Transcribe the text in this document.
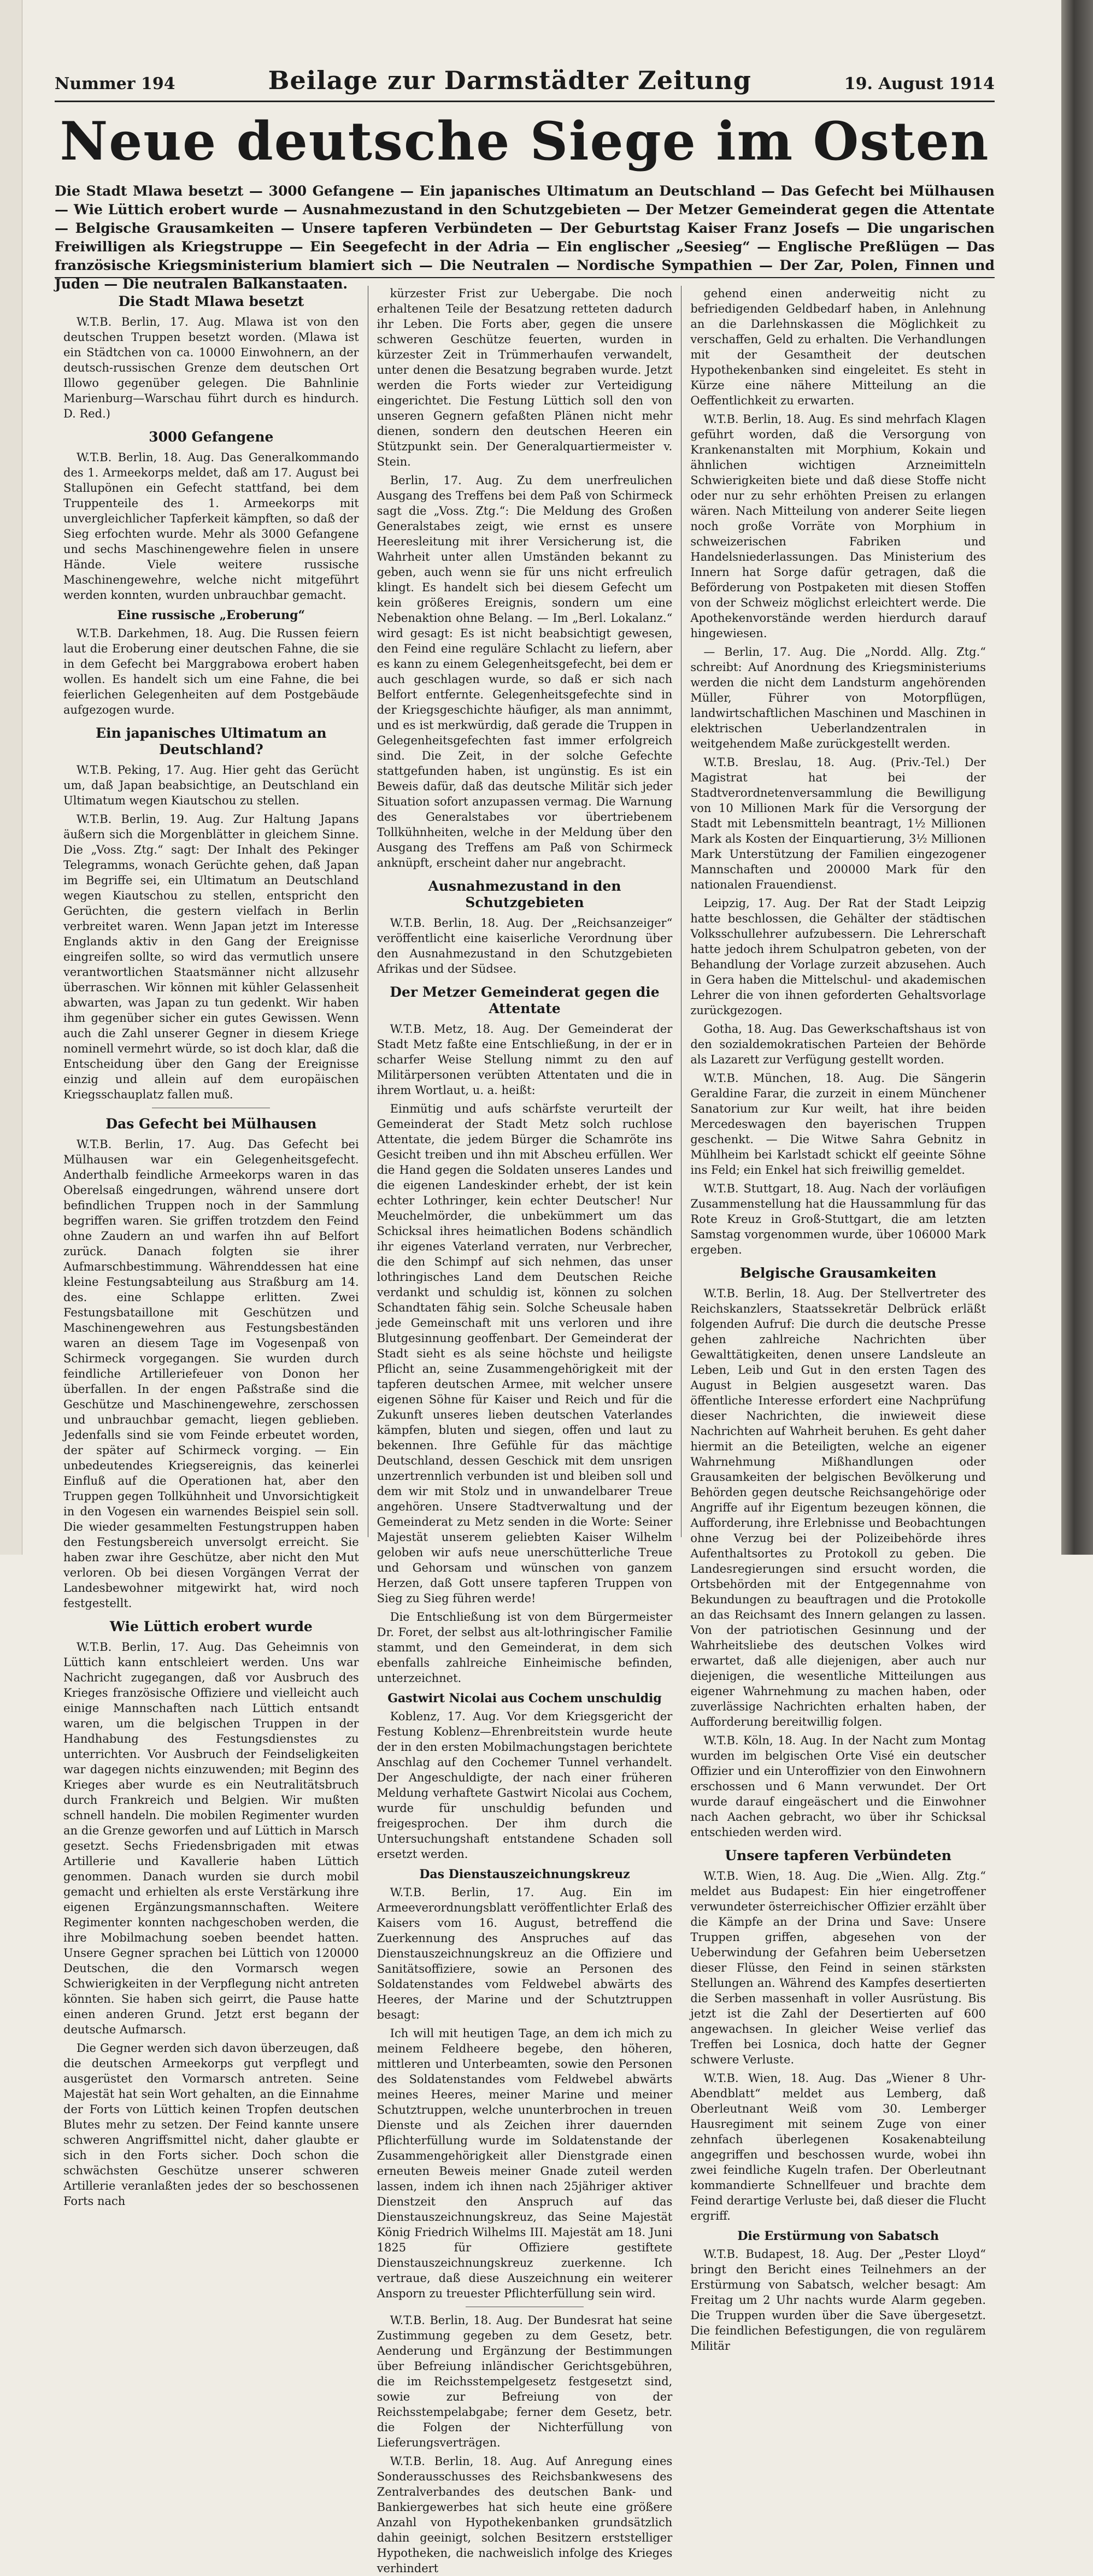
Nummer 194	Beilage zur Darmstädter Zeitung	19. August 1914
Neue deutsche Siege im Osten
Die Stadt Mlawa besetzt — 3000 Gefangene — Ein japanisches Ultimatum an Deutschland — Das Gefecht bei Mülhausen — Wie Lüttich erobert wurde — Ausnahmezustand in den Schutzgebieten — Der Metzer Gemeinderat gegen die Attentate — Belgische Grausamkeiten — Unsere tapferen Verbündeten — Der Geburtstag Kaiser Franz Josefs — Die ungarischen Freiwilligen als Kriegstruppe — Ein Seegefecht in der Adria — Ein englischer „Seesieg“ — Englische Preßlügen — Das französische Kriegsministerium blamiert sich — Die Neutralen — Nordische Sympathien — Der Zar, Polen, Finnen und Juden — Die neutralen Balkanstaaten.
Die Stadt Mlawa besetzt

W.T.B. Berlin, 17. Aug. Mlawa ist von den deutschen Truppen besetzt worden. (Mlawa ist ein Städtchen von ca. 10000 Einwohnern, an der deutsch-russischen Grenze dem deutschen Ort Illowo gegenüber gelegen. Die Bahnlinie Marienburg—Warschau führt durch es hindurch. D. Red.)

3000 Gefangene

W.T.B. Berlin, 18. Aug. Das Generalkommando des 1. Armeekorps meldet, daß am 17. August bei Stallupönen ein Gefecht stattfand, bei dem Truppenteile des 1. Armeekorps mit unvergleichlicher Tapferkeit kämpften, so daß der Sieg erfochten wurde. Mehr als 3000 Gefangene und sechs Maschinengewehre fielen in unsere Hände. Viele weitere russische Maschinengewehre, welche nicht mitgeführt werden konnten, wurden unbrauchbar gemacht.

Eine russische „Eroberung“

W.T.B. Darkehmen, 18. Aug. Die Russen feiern laut die Eroberung einer deutschen Fahne, die sie in dem Gefecht bei Marggrabowa erobert haben wollen. Es handelt sich um eine Fahne, die bei feierlichen Gelegenheiten auf dem Postgebäude aufgezogen wurde.

Ein japanisches Ultimatum an Deutschland?

W.T.B. Peking, 17. Aug. Hier geht das Gerücht um, daß Japan beabsichtige, an Deutschland ein Ultimatum wegen Kiautschou zu stellen.

W.T.B. Berlin, 19. Aug. Zur Haltung Japans äußern sich die Morgenblätter in gleichem Sinne. Die „Voss. Ztg.“ sagt: Der Inhalt des Pekinger Telegramms, wonach Gerüchte gehen, daß Japan im Begriffe sei, ein Ultimatum an Deutschland wegen Kiautschou zu stellen, entspricht den Gerüchten, die gestern vielfach in Berlin verbreitet waren. Wenn Japan jetzt im Interesse Englands aktiv in den Gang der Ereignisse eingreifen sollte, so wird das vermutlich unsere verantwortlichen Staatsmänner nicht allzusehr überraschen. Wir können mit kühler Gelassenheit abwarten, was Japan zu tun gedenkt. Wir haben ihm gegenüber sicher ein gutes Gewissen. Wenn auch die Zahl unserer Gegner in diesem Kriege nominell vermehrt würde, so ist doch klar, daß die Entscheidung über den Gang der Ereignisse einzig und allein auf dem europäischen Kriegsschauplatz fallen muß.

Das Gefecht bei Mülhausen

W.T.B. Berlin, 17. Aug. Das Gefecht bei Mülhausen war ein Gelegenheitsgefecht. Anderthalb feindliche Armeekorps waren in das Oberelsaß eingedrungen, während unsere dort befindlichen Truppen noch in der Sammlung begriffen waren. Sie griffen trotzdem den Feind ohne Zaudern an und warfen ihn auf Belfort zurück. Danach folgten sie ihrer Aufmarschbestimmung. Währenddessen hat eine kleine Festungsabteilung aus Straßburg am 14. des. eine Schlappe erlitten. Zwei Festungsbataillone mit Geschützen und Maschinengewehren aus Festungsbeständen waren an diesem Tage im Vogesenpaß von Schirmeck vorgegangen. Sie wurden durch feindliche Artilleriefeuer von Donon her überfallen. In der engen Paßstraße sind die Geschütze und Maschinengewehre, zerschossen und unbrauchbar gemacht, liegen geblieben. Jedenfalls sind sie vom Feinde erbeutet worden, der später auf Schirmeck vorging. — Ein unbedeutendes Kriegsereignis, das keinerlei Einfluß auf die Operationen hat, aber den Truppen gegen Tollkühnheit und Unvorsichtigkeit in den Vogesen ein warnendes Beispiel sein soll. Die wieder gesammelten Festungstruppen haben den Festungsbereich unversolgt erreicht. Sie haben zwar ihre Geschütze, aber nicht den Mut verloren. Ob bei diesen Vorgängen Verrat der Landesbewohner mitgewirkt hat, wird noch festgestellt.

Wie Lüttich erobert wurde

W.T.B. Berlin, 17. Aug. Das Geheimnis von Lüttich kann entschleiert werden. Uns war Nachricht zugegangen, daß vor Ausbruch des Krieges französische Offiziere und vielleicht auch einige Mannschaften nach Lüttich entsandt waren, um die belgischen Truppen in der Handhabung des Festungsdienstes zu unterrichten. Vor Ausbruch der Feindseligkeiten war dagegen nichts einzuwenden; mit Beginn des Krieges aber wurde es ein Neutralitätsbruch durch Frankreich und Belgien. Wir mußten schnell handeln. Die mobilen Regimenter wurden an die Grenze geworfen und auf Lüttich in Marsch gesetzt. Sechs Friedensbrigaden mit etwas Artillerie und Kavallerie haben Lüttich genommen. Danach wurden sie durch mobil gemacht und erhielten als erste Verstärkung ihre eigenen Ergänzungsmannschaften. Weitere Regimenter konnten nachgeschoben werden, die ihre Mobilmachung soeben beendet hatten. Unsere Gegner sprachen bei Lüttich von 120000 Deutschen, die den Vormarsch wegen Schwierigkeiten in der Verpflegung nicht antreten könnten. Sie haben sich geirrt, die Pause hatte einen anderen Grund. Jetzt erst begann der deutsche Aufmarsch.

Die Gegner werden sich davon überzeugen, daß die deutschen Armeekorps gut verpflegt und ausgerüstet den Vormarsch antreten. Seine Majestät hat sein Wort gehalten, an die Einnahme der Forts von Lüttich keinen Tropfen deutschen Blutes mehr zu setzen. Der Feind kannte unsere schweren Angriffsmittel nicht, daher glaubte er sich in den Forts sicher. Doch schon die schwächsten Geschütze unserer schweren Artillerie veranlaßten jedes der so beschossenen Forts nach

kürzester Frist zur Uebergabe. Die noch erhaltenen Teile der Besatzung retteten dadurch ihr Leben. Die Forts aber, gegen die unsere schweren Geschütze feuerten, wurden in kürzester Zeit in Trümmerhaufen verwandelt, unter denen die Besatzung begraben wurde. Jetzt werden die Forts wieder zur Verteidigung eingerichtet. Die Festung Lüttich soll den von unseren Gegnern gefaßten Plänen nicht mehr dienen, sondern den deutschen Heeren ein Stützpunkt sein. Der Generalquartiermeister v. Stein.

Berlin, 17. Aug. Zu dem unerfreulichen Ausgang des Treffens bei dem Paß von Schirmeck sagt die „Voss. Ztg.“: Die Meldung des Großen Generalstabes zeigt, wie ernst es unsere Heeresleitung mit ihrer Versicherung ist, die Wahrheit unter allen Umständen bekannt zu geben, auch wenn sie für uns nicht erfreulich klingt. Es handelt sich bei diesem Gefecht um kein größeres Ereignis, sondern um eine Nebenaktion ohne Belang. — Im „Berl. Lokalanz.“ wird gesagt: Es ist nicht beabsichtigt gewesen, den Feind eine reguläre Schlacht zu liefern, aber es kann zu einem Gelegenheitsgefecht, bei dem er auch geschlagen wurde, so daß er sich nach Belfort entfernte. Gelegenheitsgefechte sind in der Kriegsgeschichte häufiger, als man annimmt, und es ist merkwürdig, daß gerade die Truppen in Gelegenheitsgefechten fast immer erfolgreich sind. Die Zeit, in der solche Gefechte stattgefunden haben, ist ungünstig. Es ist ein Beweis dafür, daß das deutsche Militär sich jeder Situation sofort anzupassen vermag. Die Warnung des Generalstabes vor übertriebenem Tollkühnheiten, welche in der Meldung über den Ausgang des Treffens am Paß von Schirmeck anknüpft, erscheint daher nur angebracht.

Ausnahmezustand in den Schutzgebieten

W.T.B. Berlin, 18. Aug. Der „Reichsanzeiger“ veröffentlicht eine kaiserliche Verordnung über den Ausnahmezustand in den Schutzgebieten Afrikas und der Südsee.

Der Metzer Gemeinderat gegen die Attentate

W.T.B. Metz, 18. Aug. Der Gemeinderat der Stadt Metz faßte eine Entschließung, in der er in scharfer Weise Stellung nimmt zu den auf Militärpersonen verübten Attentaten und die in ihrem Wortlaut, u. a. heißt:

Einmütig und aufs schärfste verurteilt der Gemeinderat der Stadt Metz solch ruchlose Attentate, die jedem Bürger die Schamröte ins Gesicht treiben und ihn mit Abscheu erfüllen. Wer die Hand gegen die Soldaten unseres Landes und die eigenen Landeskinder erhebt, der ist kein echter Lothringer, kein echter Deutscher! Nur Meuchelmörder, die unbekümmert um das Schicksal ihres heimatlichen Bodens schändlich ihr eigenes Vaterland verraten, nur Verbrecher, die den Schimpf auf sich nehmen, das unser lothringisches Land dem Deutschen Reiche verdankt und schuldig ist, können zu solchen Schandtaten fähig sein. Solche Scheusale haben jede Gemeinschaft mit uns verloren und ihre Blutgesinnung geoffenbart. Der Gemeinderat der Stadt sieht es als seine höchste und heiligste Pflicht an, seine Zusammengehörigkeit mit der tapferen deutschen Armee, mit welcher unsere eigenen Söhne für Kaiser und Reich und für die Zukunft unseres lieben deutschen Vaterlandes kämpfen, bluten und siegen, offen und laut zu bekennen. Ihre Gefühle für das mächtige Deutschland, dessen Geschick mit dem unsrigen unzertrennlich verbunden ist und bleiben soll und dem wir mit Stolz und in unwandelbarer Treue angehören. Unsere Stadtverwaltung und der Gemeinderat zu Metz senden in die Worte: Seiner Majestät unserem geliebten Kaiser Wilhelm geloben wir aufs neue unerschütterliche Treue und Gehorsam und wünschen von ganzem Herzen, daß Gott unsere tapferen Truppen von Sieg zu Sieg führen werde!

Die Entschließung ist von dem Bürgermeister Dr. Foret, der selbst aus alt-lothringischer Familie stammt, und den Gemeinderat, in dem sich ebenfalls zahlreiche Einheimische befinden, unterzeichnet.

Gastwirt Nicolai aus Cochem unschuldig

Koblenz, 17. Aug. Vor dem Kriegsgericht der Festung Koblenz—Ehrenbreitstein wurde heute der in den ersten Mobilmachungstagen berichtete Anschlag auf den Cochemer Tunnel verhandelt. Der Angeschuldigte, der nach einer früheren Meldung verhaftete Gastwirt Nicolai aus Cochem, wurde für unschuldig befunden und freigesprochen. Der ihm durch die Untersuchungshaft entstandene Schaden soll ersetzt werden.

Das Dienstauszeichnungskreuz

W.T.B. Berlin, 17. Aug. Ein im Armeeverordnungsblatt veröffentlichter Erlaß des Kaisers vom 16. August, betreffend die Zuerkennung des Anspruches auf das Dienstauszeichnungskreuz an die Offiziere und Sanitätsoffiziere, sowie an Personen des Soldatenstandes vom Feldwebel abwärts des Heeres, der Marine und der Schutztruppen besagt:

Ich will mit heutigen Tage, an dem ich mich zu meinem Feldheere begebe, den höheren, mittleren und Unterbeamten, sowie den Personen des Soldatenstandes vom Feldwebel abwärts meines Heeres, meiner Marine und meiner Schutztruppen, welche ununterbrochen in treuen Dienste und als Zeichen ihrer dauernden Pflichterfüllung wurde im Soldatenstande der Zusammengehörigkeit aller Dienstgrade einen erneuten Beweis meiner Gnade zuteil werden lassen, indem ich ihnen nach 25jähriger aktiver Dienstzeit den Anspruch auf das Dienstauszeichnungskreuz, das Seine Majestät König Friedrich Wilhelms III. Majestät am 18. Juni 1825 für Offiziere gestiftete Dienstauszeichnungskreuz zuerkenne. Ich vertraue, daß diese Auszeichnung ein weiterer Ansporn zu treuester Pflichterfüllung sein wird.

W.T.B. Berlin, 18. Aug. Der Bundesrat hat seine Zustimmung gegeben zu dem Gesetz, betr. Aenderung und Ergänzung der Bestimmungen über Befreiung inländischer Gerichtsgebühren, die im Reichsstempelgesetz festgesetzt sind, sowie zur Befreiung von der Reichsstempelabgabe; ferner dem Gesetz, betr. die Folgen der Nichterfüllung von Lieferungsverträgen.

W.T.B. Berlin, 18. Aug. Auf Anregung eines Sonderausschusses des Reichsbankwesens des Zentralverbandes des deutschen Bank- und Bankiergewerbes hat sich heute eine größere Anzahl von Hypothekenbanken grundsätzlich dahin geeinigt, solchen Besitzern erststelliger Hypotheken, die nachweislich infolge des Krieges verhindert

gehend einen anderweitig nicht zu befriedigenden Geldbedarf haben, in Anlehnung an die Darlehnskassen die Möglichkeit zu verschaffen, Geld zu erhalten. Die Verhandlungen mit der Gesamtheit der deutschen Hypothekenbanken sind eingeleitet. Es steht in Kürze eine nähere Mitteilung an die Oeffentlichkeit zu erwarten.

W.T.B. Berlin, 18. Aug. Es sind mehrfach Klagen geführt worden, daß die Versorgung von Krankenanstalten mit Morphium, Kokain und ähnlichen wichtigen Arzneimitteln Schwierigkeiten biete und daß diese Stoffe nicht oder nur zu sehr erhöhten Preisen zu erlangen wären. Nach Mitteilung von anderer Seite liegen noch große Vorräte von Morphium in schweizerischen Fabriken und Handelsniederlassungen. Das Ministerium des Innern hat Sorge dafür getragen, daß die Beförderung von Postpaketen mit diesen Stoffen von der Schweiz möglichst erleichtert werde. Die Apothekenvorstände werden hierdurch darauf hingewiesen.

— Berlin, 17. Aug. Die „Nordd. Allg. Ztg.“ schreibt: Auf Anordnung des Kriegsministeriums werden die nicht dem Landsturm angehörenden Müller, Führer von Motorpflügen, landwirtschaftlichen Maschinen und Maschinen in elektrischen Ueberlandzentralen in weitgehendem Maße zurückgestellt werden.

W.T.B. Breslau, 18. Aug. (Priv.-Tel.) Der Magistrat hat bei der Stadtverordnetenversammlung die Bewilligung von 10 Millionen Mark für die Versorgung der Stadt mit Lebensmitteln beantragt, 1½ Millionen Mark als Kosten der Einquartierung, 3½ Millionen Mark Unterstützung der Familien eingezogener Mannschaften und 200000 Mark für den nationalen Frauendienst.

Leipzig, 17. Aug. Der Rat der Stadt Leipzig hatte beschlossen, die Gehälter der städtischen Volksschullehrer aufzubessern. Die Lehrerschaft hatte jedoch ihrem Schulpatron gebeten, von der Behandlung der Vorlage zurzeit abzusehen. Auch in Gera haben die Mittelschul- und akademischen Lehrer die von ihnen geforderten Gehaltsvorlage zurückgezogen.

Gotha, 18. Aug. Das Gewerkschaftshaus ist von den sozialdemokratischen Parteien der Behörde als Lazarett zur Verfügung gestellt worden.

W.T.B. München, 18. Aug. Die Sängerin Geraldine Farar, die zurzeit in einem Münchener Sanatorium zur Kur weilt, hat ihre beiden Mercedeswagen den bayerischen Truppen geschenkt. — Die Witwe Sahra Gebnitz in Mühlheim bei Karlstadt schickt elf geeinte Söhne ins Feld; ein Enkel hat sich freiwillig gemeldet.

W.T.B. Stuttgart, 18. Aug. Nach der vorläufigen Zusammenstellung hat die Haussammlung für das Rote Kreuz in Groß-Stuttgart, die am letzten Samstag vorgenommen wurde, über 106000 Mark ergeben.

Belgische Grausamkeiten

W.T.B. Berlin, 18. Aug. Der Stellvertreter des Reichskanzlers, Staatssekretär Delbrück erläßt folgenden Aufruf: Die durch die deutsche Presse gehen zahlreiche Nachrichten über Gewalttätigkeiten, denen unsere Landsleute an Leben, Leib und Gut in den ersten Tagen des August in Belgien ausgesetzt waren. Das öffentliche Interesse erfordert eine Nachprüfung dieser Nachrichten, die inwieweit diese Nachrichten auf Wahrheit beruhen. Es geht daher hiermit an die Beteiligten, welche an eigener Wahrnehmung Mißhandlungen oder Grausamkeiten der belgischen Bevölkerung und Behörden gegen deutsche Reichsangehörige oder Angriffe auf ihr Eigentum bezeugen können, die Aufforderung, ihre Erlebnisse und Beobachtungen ohne Verzug bei der Polizeibehörde ihres Aufenthaltsortes zu Protokoll zu geben. Die Landesregierungen sind ersucht worden, die Ortsbehörden mit der Entgegennahme von Bekundungen zu beauftragen und die Protokolle an das Reichsamt des Innern gelangen zu lassen. Von der patriotischen Gesinnung und der Wahrheitsliebe des deutschen Volkes wird erwartet, daß alle diejenigen, aber auch nur diejenigen, die wesentliche Mitteilungen aus eigener Wahrnehmung zu machen haben, oder zuverlässige Nachrichten erhalten haben, der Aufforderung bereitwillig folgen.

W.T.B. Köln, 18. Aug. In der Nacht zum Montag wurden im belgischen Orte Visé ein deutscher Offizier und ein Unteroffizier von den Einwohnern erschossen und 6 Mann verwundet. Der Ort wurde darauf eingeäschert und die Einwohner nach Aachen gebracht, wo über ihr Schicksal entschieden werden wird.

Unsere tapferen Verbündeten

W.T.B. Wien, 18. Aug. Die „Wien. Allg. Ztg.“ meldet aus Budapest: Ein hier eingetroffener verwundeter österreichischer Offizier erzählt über die Kämpfe an der Drina und Save: Unsere Truppen griffen, abgesehen von der Ueberwindung der Gefahren beim Uebersetzen dieser Flüsse, den Feind in seinen stärksten Stellungen an. Während des Kampfes desertierten die Serben massenhaft in voller Ausrüstung. Bis jetzt ist die Zahl der Desertierten auf 600 angewachsen. In gleicher Weise verlief das Treffen bei Losnica, doch hatte der Gegner schwere Verluste.

W.T.B. Wien, 18. Aug. Das „Wiener 8 Uhr-Abendblatt“ meldet aus Lemberg, daß Oberleutnant Weiß vom 30. Lemberger Hausregiment mit seinem Zuge von einer zehnfach überlegenen Kosakenabteilung angegriffen und beschossen wurde, wobei ihn zwei feindliche Kugeln trafen. Der Oberleutnant kommandierte Schnellfeuer und brachte dem Feind derartige Verluste bei, daß dieser die Flucht ergriff.

Die Erstürmung von Sabatsch

W.T.B. Budapest, 18. Aug. Der „Pester Lloyd“ bringt den Bericht eines Teilnehmers an der Erstürmung von Sabatsch, welcher besagt: Am Freitag um 2 Uhr nachts wurde Alarm gegeben. Die Truppen wurden über die Save übergesetzt. Die feindlichen Befestigungen, die von regulärem Militär
